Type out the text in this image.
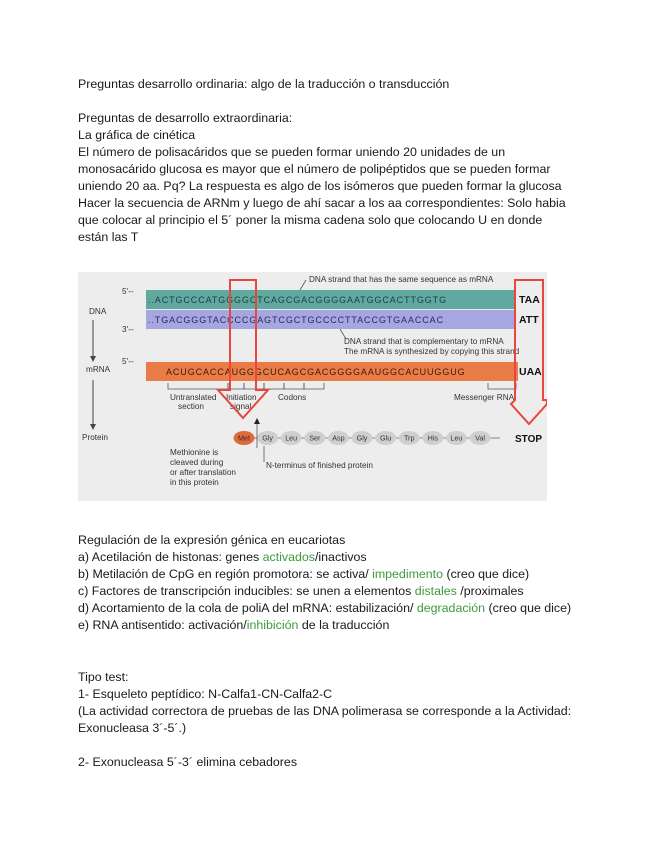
Preguntas desarrollo ordinaria: algo de la traducción o transducción

Preguntas de desarrollo extraordinaria:

La gráfica de cinética

El número de polisacáridos que se pueden formar uniendo 20 unidades de un monosacárido glucosa es mayor que el número de polipéptidos que se pueden formar uniendo 20 aa. Pq? La respuesta es algo de los isómeros que pueden formar la glucosa

Hacer la secuencia de ARNm y luego de ahí sacar a los aa correspondientes: Solo habia que colocar al principio el 5´ poner la misma cadena solo que colocando U en donde están las T

DNA
mRNA
Protein
5'--
3'--
5'--
..ACTGCCCATGGGGCTCAGCGACGGGGAATGGCACTTGGTG
..TGACGGGTACCCCGAGTCGCTGCCCCTTACCGTGAACCAC
ACUGCACCAUGGGCUCAGCGACGGGGAAUGGCACUUGGUG
TAA
ATT
UAA
DNA strand that has the same sequence as mRNA
DNA strand that is complementary to mRNA
The mRNA is synthesized by copying this strand
Untranslated
section
Initiation
signal
Codons	Messenger RNA
Met Gly Leu Ser Asp Gly Glu Trp His Leu Val	STOP
Methionine is
cleaved during
or after translation
in this protein
N-terminus of finished protein

Regulación de la expresión génica en eucariotas

a) Acetilación de histonas: genes activados/inactivos

b) Metilación de CpG en región promotora: se activa/ impedimento (creo que dice)

c) Factores de transcripción inducibles: se unen a elementos distales /proximales

d) Acortamiento de la cola de poliA del mRNA: estabilización/ degradación (creo que dice)

e) RNA antisentido: activación/inhibición de la traducción

Tipo test:

1- Esqueleto peptídico: N-Calfa1-CN-Calfa2-C

(La actividad correctora de pruebas de las DNA polimerasa se corresponde a la Actividad: Exonucleasa 3´-5´.)

2- Exonucleasa 5´-3´ elimina cebadores
